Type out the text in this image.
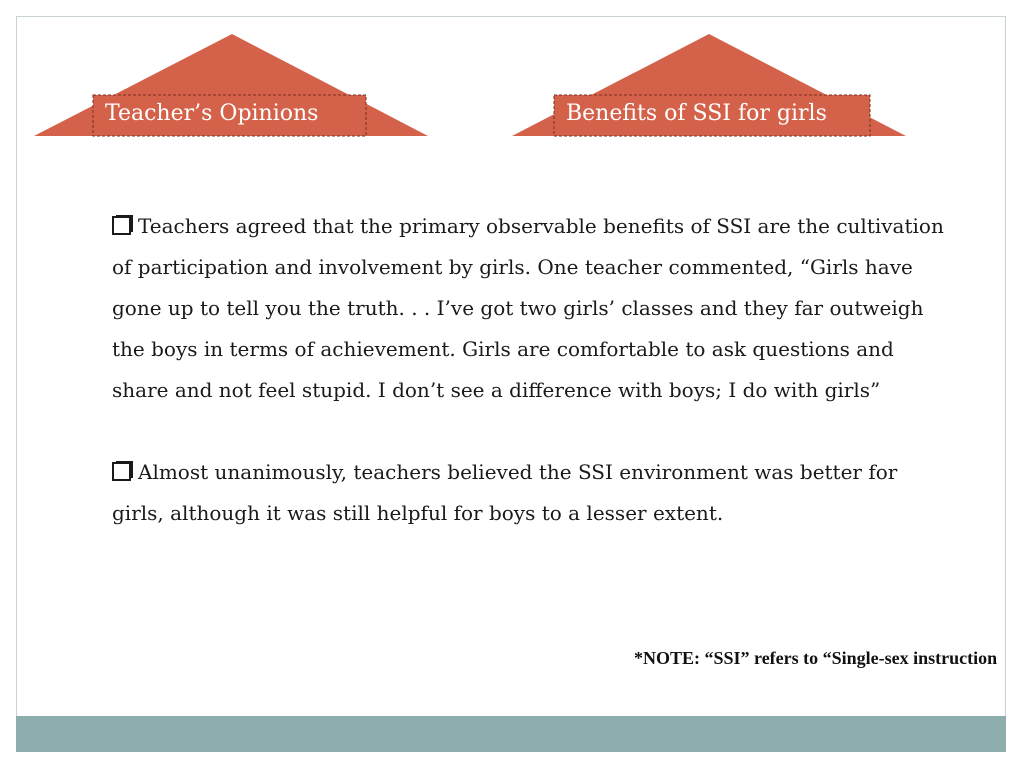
Teacher’s Opinions	Benefits of SSI for girls

Teachers agreed that the primary observable benefits of SSI are the cultivation of participation and involvement by girls. One teacher commented, “Girls have gone up to tell you the truth. . . I’ve got two girls’ classes and they far outweigh the boys in terms of achievement. Girls are comfortable to ask questions and share and not feel stupid. I don’t see a difference with boys; I do with girls”

Almost unanimously, teachers believed the SSI environment was better for girls, although it was still helpful for boys to a lesser extent.

*NOTE: “SSI” refers to “Single-sex instruction
